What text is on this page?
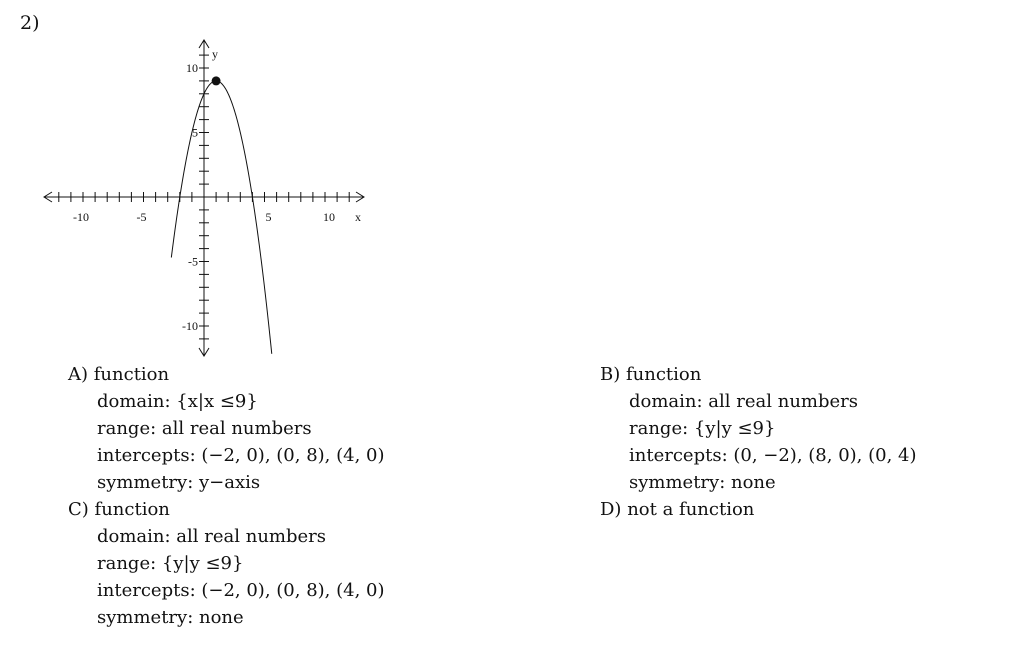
2)
x
y
-10	-5	5	10
10
5
-5
-10
A) function
domain: {x|x ≤9}
range: all real numbers
intercepts: (−2, 0), (0, 8), (4, 0)
symmetry: y−axis
B) function
domain: all real numbers
range: {y|y ≤9}
intercepts: (0, −2), (8, 0), (0, 4)
symmetry: none
C) function
domain: all real numbers
range: {y|y ≤9}
intercepts: (−2, 0), (0, 8), (4, 0)
symmetry: none
D) not a function
